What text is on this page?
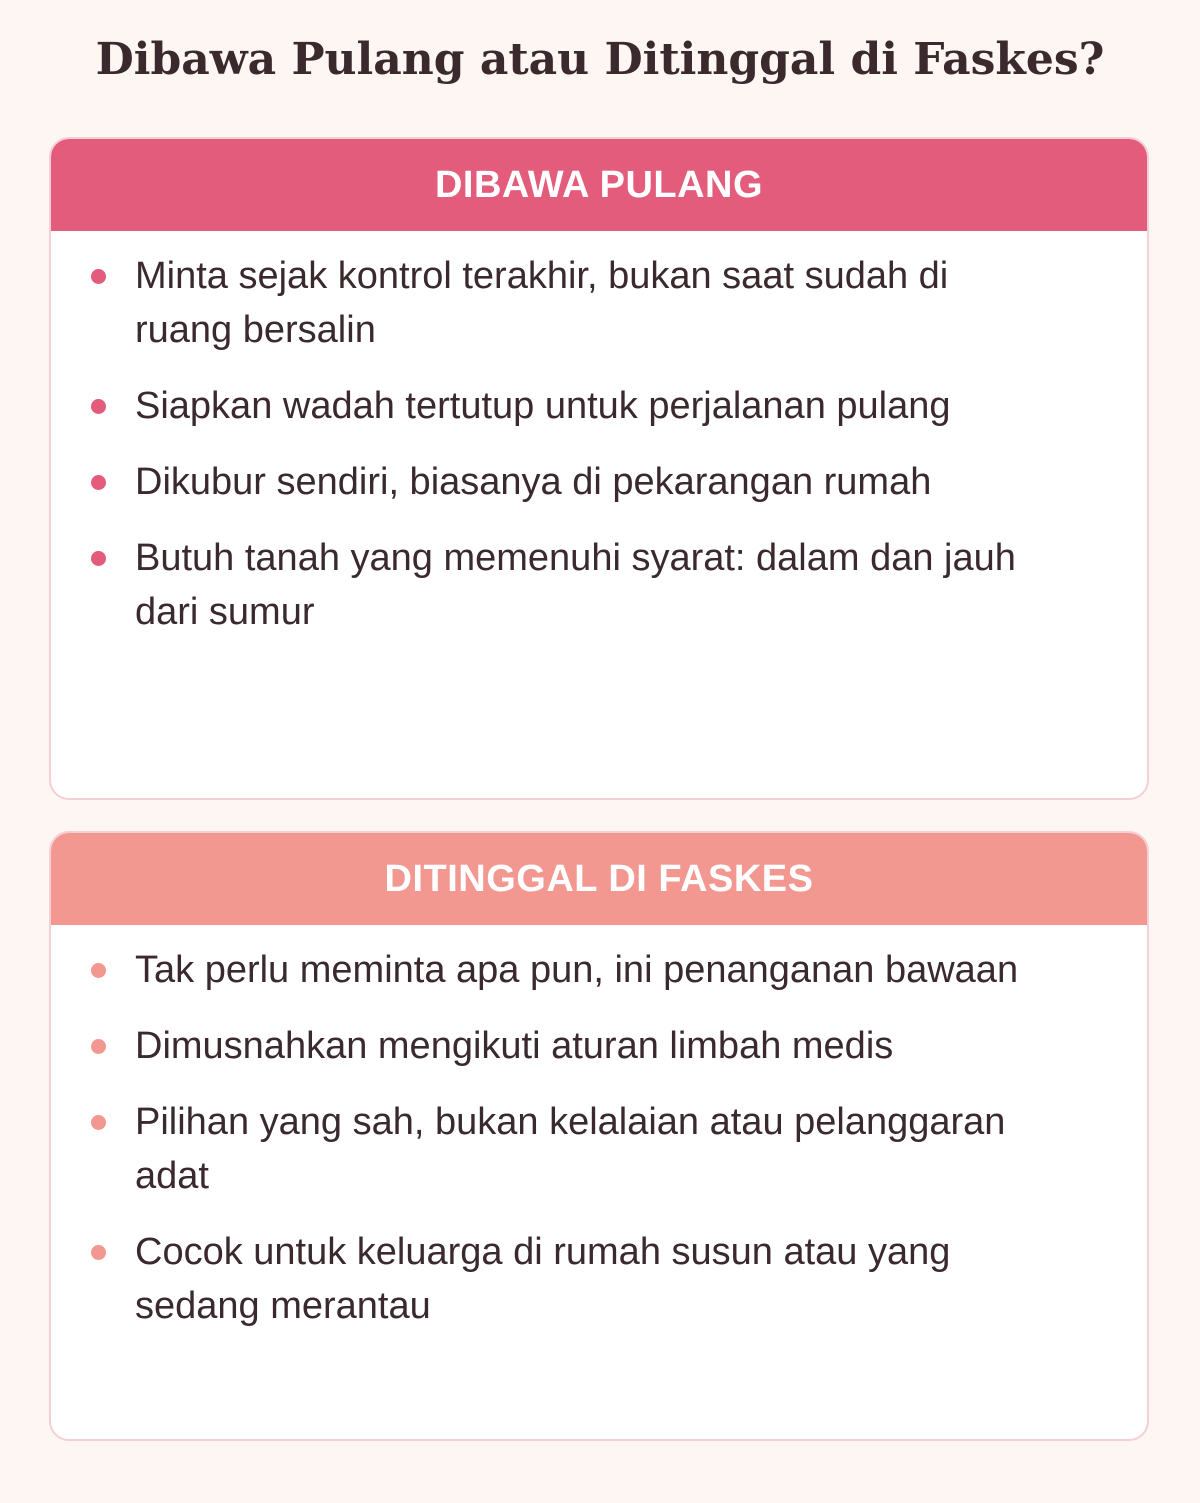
Dibawa Pulang atau Ditinggal di Faskes?
DIBAWA PULANG
Minta sejak kontrol terakhir, bukan saat sudah di ruang bersalin
Siapkan wadah tertutup untuk perjalanan pulang
Dikubur sendiri, biasanya di pekarangan rumah
Butuh tanah yang memenuhi syarat: dalam dan jauh dari sumur
DITINGGAL DI FASKES
Tak perlu meminta apa pun, ini penanganan bawaan
Dimusnahkan mengikuti aturan limbah medis
Pilihan yang sah, bukan kelalaian atau pelanggaran adat
Cocok untuk keluarga di rumah susun atau yang sedang merantau
